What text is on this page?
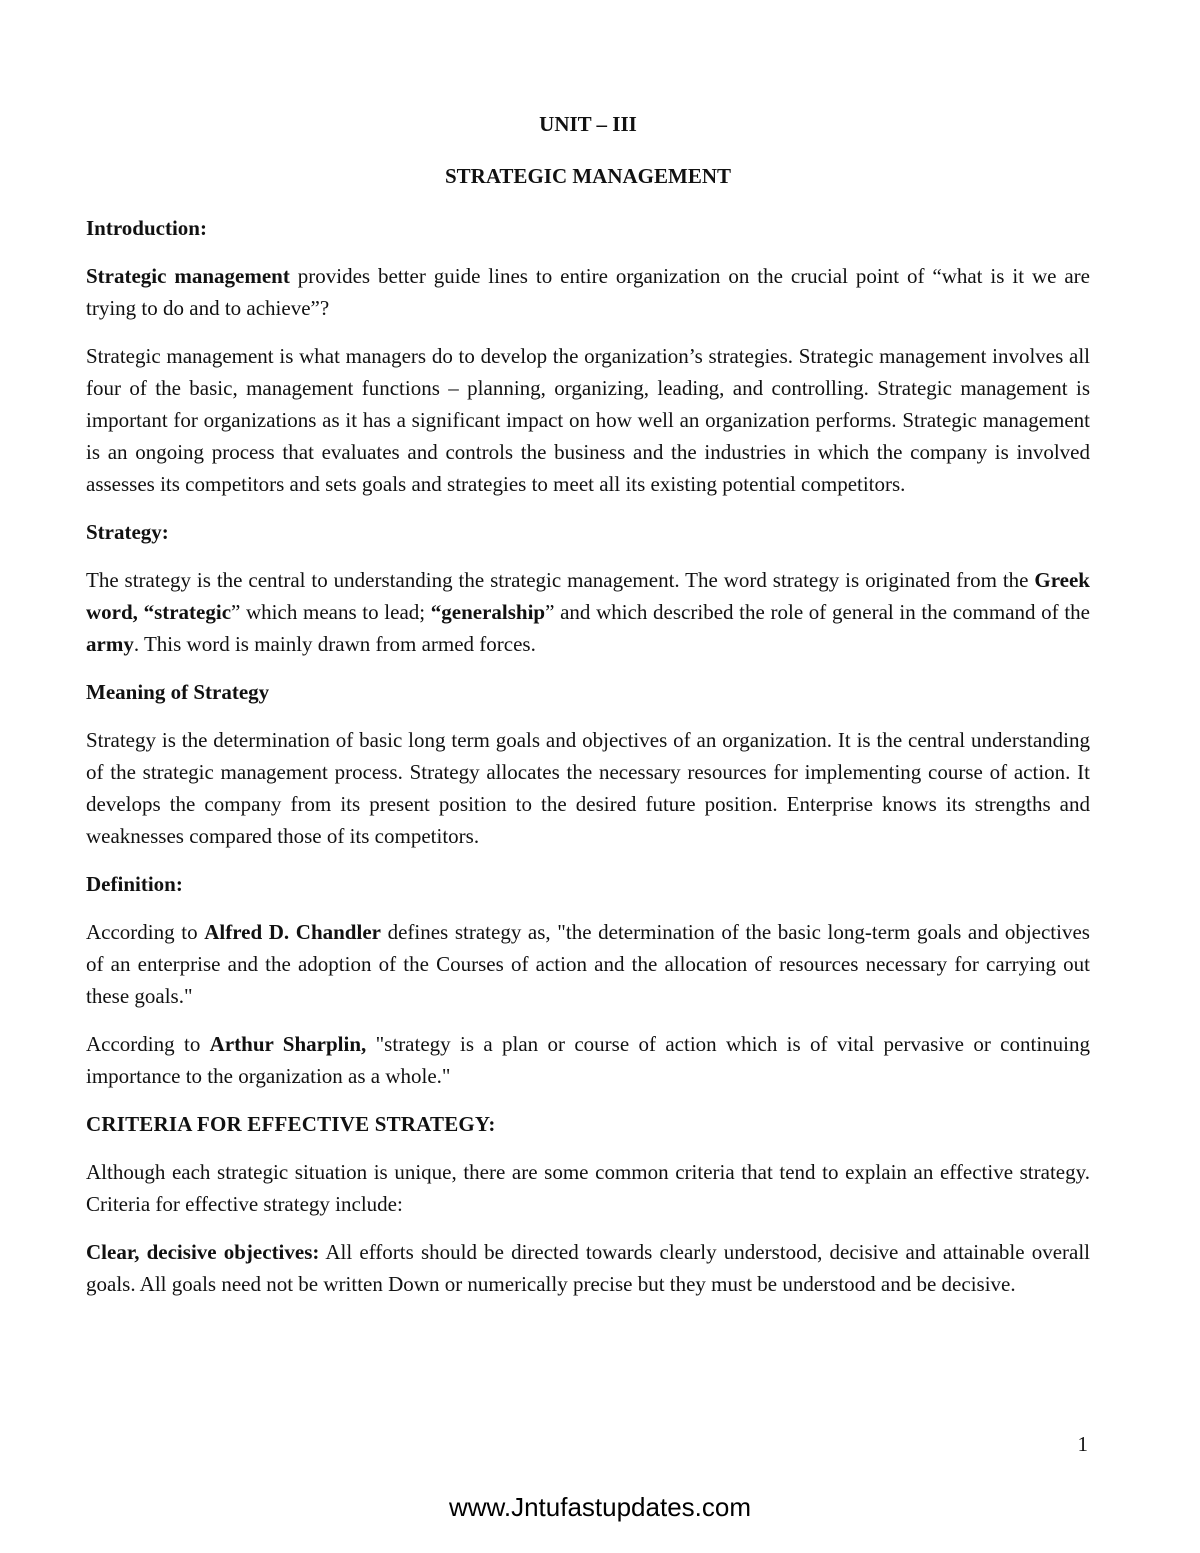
UNIT – III
STRATEGIC MANAGEMENT
Introduction:

Strategic management provides better guide lines to entire organization on the crucial point of “what is it we are trying to do and to achieve”?

Strategic management is what managers do to develop the organization’s strategies. Strategic management involves all four of the basic, management functions – planning, organizing, leading, and controlling. Strategic management is important for organizations as it has a significant impact on how well an organization performs. Strategic management is an ongoing process that evaluates and controls the business and the industries in which the company is involved assesses its competitors and sets goals and strategies to meet all its existing potential competitors.

Strategy:

The strategy is the central to understanding the strategic management. The word strategy is originated from the Greek word, “strategic” which means to lead; “generalship” and which described the role of general in the command of the army. This word is mainly drawn from armed forces.

Meaning of Strategy

Strategy is the determination of basic long term goals and objectives of an organization. It is the central understanding of the strategic management process. Strategy allocates the necessary resources for implementing course of action. It develops the company from its present position to the desired future position. Enterprise knows its strengths and weaknesses compared those of its competitors.

Definition:

According to Alfred D. Chandler defines strategy as, "the determination of the basic long-term goals and objectives of an enterprise and the adoption of the Courses of action and the allocation of resources necessary for carrying out these goals."

According to Arthur Sharplin, "strategy is a plan or course of action which is of vital pervasive or continuing importance to the organization as a whole."

CRITERIA FOR EFFECTIVE STRATEGY:

Although each strategic situation is unique, there are some common criteria that tend to explain an effective strategy. Criteria for effective strategy include:

Clear, decisive objectives: All efforts should be directed towards clearly understood, decisive and attainable overall goals. All goals need not be written Down or numerically precise but they must be understood and be decisive.

1
www.Jntufastupdates.com
